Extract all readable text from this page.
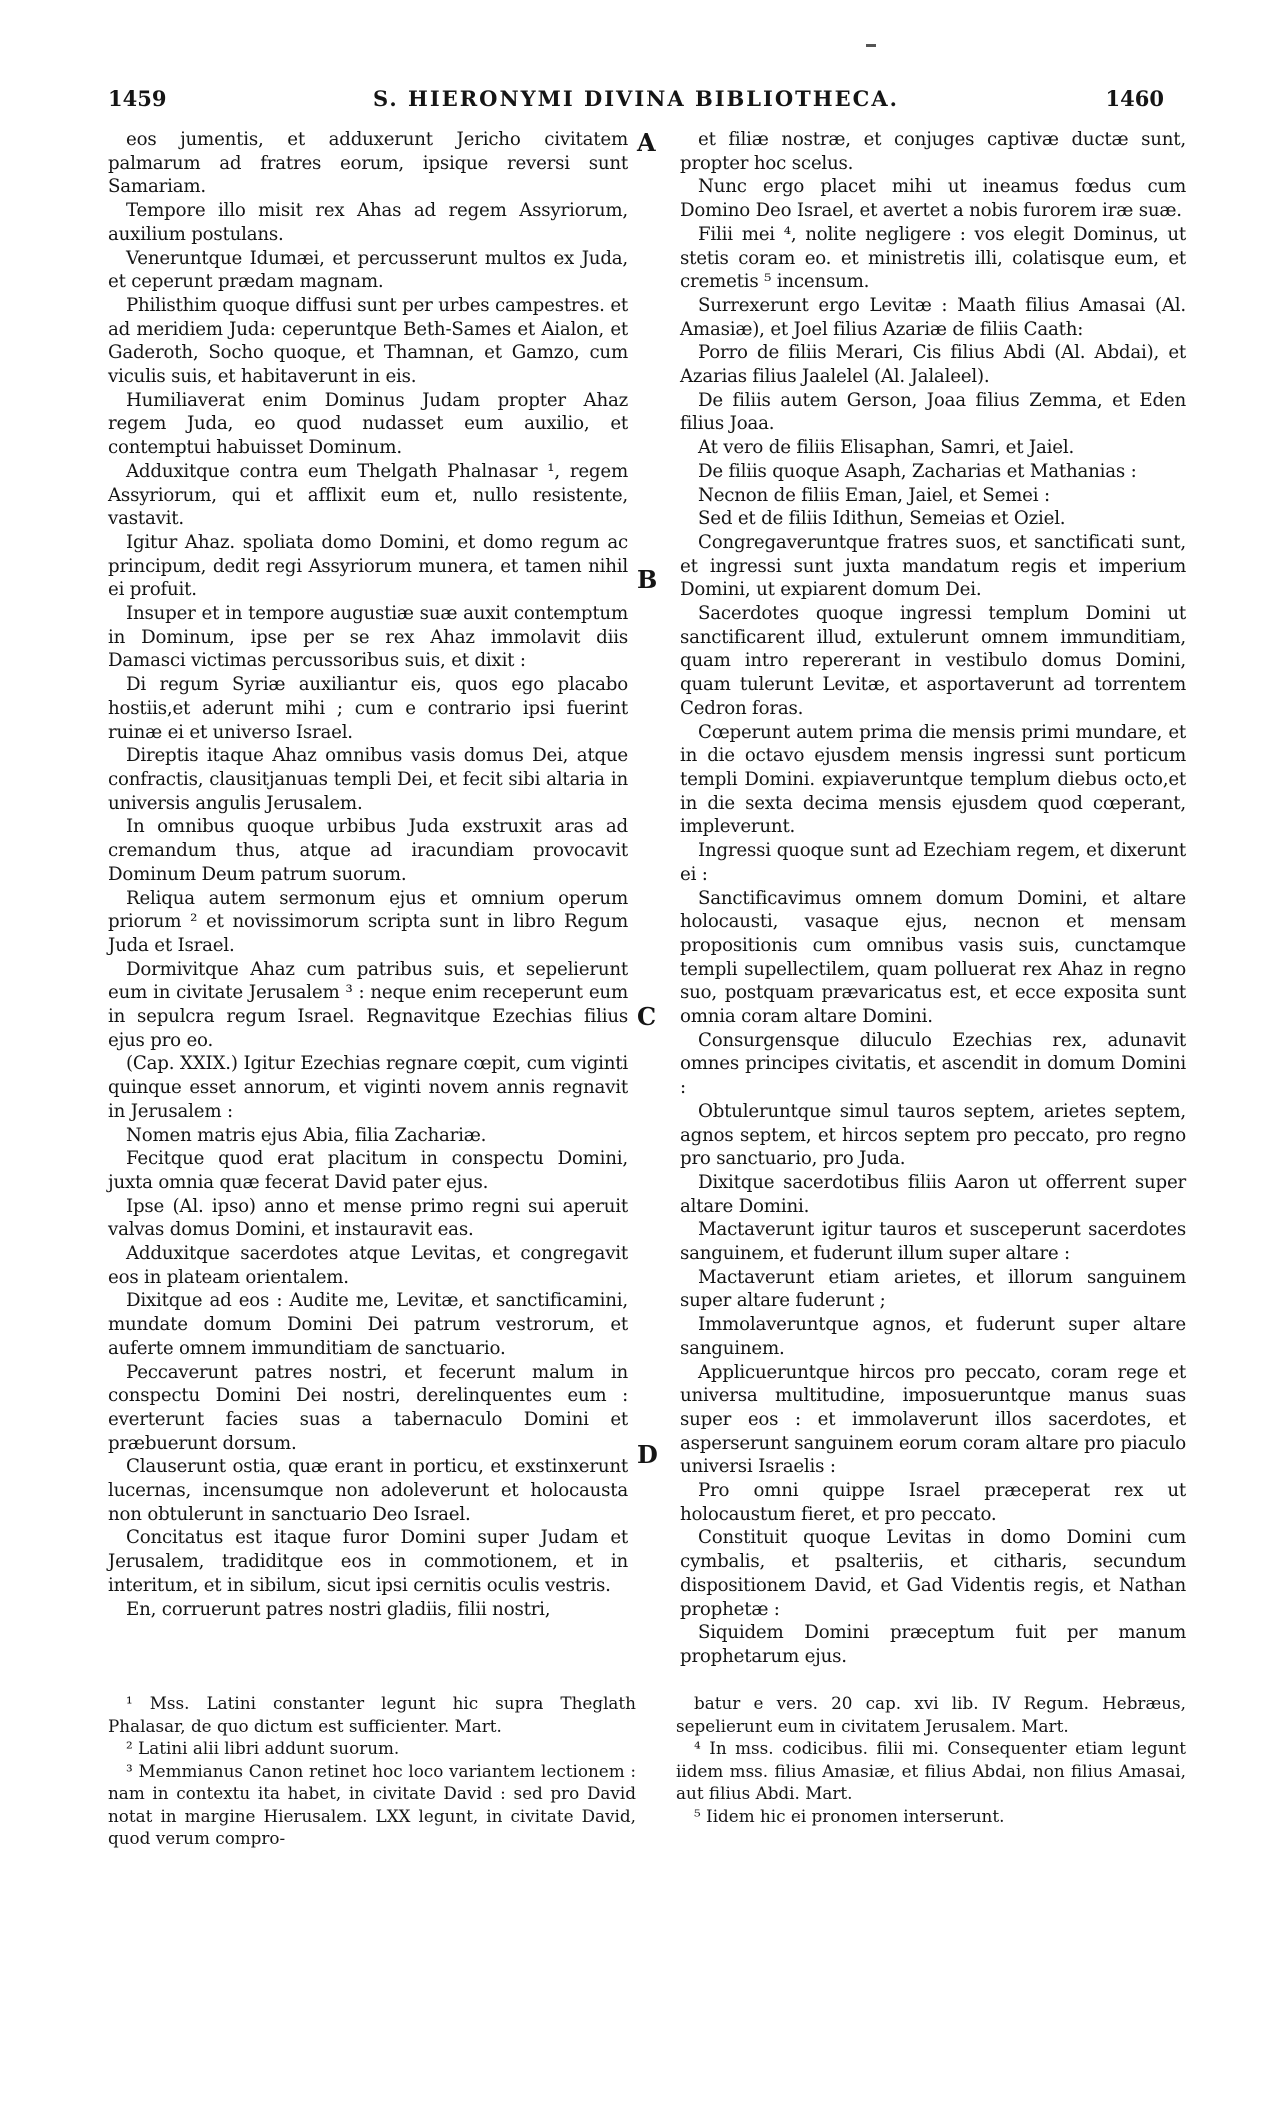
1459	S. HIERONYMI DIVINA BIBLIOTHECA.	1460

eos jumentis, et adduxerunt Jericho civitatem palmarum ad fratres eorum, ipsique reversi sunt Samariam.

Tempore illo misit rex Ahas ad regem Assyriorum, auxilium postulans.

Veneruntque Idumæi, et percusserunt multos ex Juda, et ceperunt prædam magnam.

Philisthim quoque diffusi sunt per urbes campestres. et ad meridiem Juda: ceperuntque Beth-Sames et Aialon, et Gaderoth, Socho quoque, et Thamnan, et Gamzo, cum viculis suis, et habitaverunt in eis.

Humiliaverat enim Dominus Judam propter Ahaz regem Juda, eo quod nudasset eum auxilio, et contemptui habuisset Dominum.

Adduxitque contra eum Thelgath Phalnasar ¹, regem Assyriorum, qui et afflixit eum et, nullo resistente, vastavit.

Igitur Ahaz. spoliata domo Domini, et domo regum ac principum, dedit regi Assyriorum munera, et tamen nihil ei profuit.

Insuper et in tempore augustiæ suæ auxit contemptum in Dominum, ipse per se rex Ahaz immolavit diis Damasci victimas percussoribus suis, et dixit :

Di regum Syriæ auxiliantur eis, quos ego placabo hostiis,et aderunt mihi ; cum e contrario ipsi fuerint ruinæ ei et universo Israel.

Direptis itaque Ahaz omnibus vasis domus Dei, atque confractis, clausitjanuas templi Dei, et fecit sibi altaria in universis angulis Jerusalem.

In omnibus quoque urbibus Juda exstruxit aras ad cremandum thus, atque ad iracundiam provocavit Dominum Deum patrum suorum.

Reliqua autem sermonum ejus et omnium operum priorum ² et novissimorum scripta sunt in libro Regum Juda et Israel.

Dormivitque Ahaz cum patribus suis, et sepelierunt eum in civitate Jerusalem ³ : neque enim receperunt eum in sepulcra regum Israel. Regnavitque Ezechias filius ejus pro eo.

(Cap. XXIX.) Igitur Ezechias regnare cœpit, cum viginti quinque esset annorum, et viginti novem annis regnavit in Jerusalem :

Nomen matris ejus Abia, filia Zachariæ.

Fecitque quod erat placitum in conspectu Domini, juxta omnia quæ fecerat David pater ejus.

Ipse (Al. ipso) anno et mense primo regni sui aperuit valvas domus Domini, et instauravit eas.

Adduxitque sacerdotes atque Levitas, et congregavit eos in plateam orientalem.

Dixitque ad eos : Audite me, Levitæ, et sanctificamini, mundate domum Domini Dei patrum vestrorum, et auferte omnem immunditiam de sanctuario.

Peccaverunt patres nostri, et fecerunt malum in conspectu Domini Dei nostri, derelinquentes eum : everterunt facies suas a tabernaculo Domini et præbuerunt dorsum.

Clauserunt ostia, quæ erant in porticu, et exstinxerunt lucernas, incensumque non adoleverunt et holocausta non obtulerunt in sanctuario Deo Israel.

Concitatus est itaque furor Domini super Judam et Jerusalem, tradiditque eos in commotionem, et in interitum, et in sibilum, sicut ipsi cernitis oculis vestris.

En, corruerunt patres nostri gladiis, filii nostri,

et filiæ nostræ, et conjuges captivæ ductæ sunt, propter hoc scelus.

Nunc ergo placet mihi ut ineamus fœdus cum Domino Deo Israel, et avertet a nobis furorem iræ suæ.

Filii mei ⁴, nolite negligere : vos elegit Dominus, ut stetis coram eo. et ministretis illi, colatisque eum, et cremetis ⁵ incensum.

Surrexerunt ergo Levitæ : Maath filius Amasai (Al. Amasiæ), et Joel filius Azariæ de filiis Caath:

Porro de filiis Merari, Cis filius Abdi (Al. Abdai), et Azarias filius Jaalelel (Al. Jalaleel).

De filiis autem Gerson, Joaa filius Zemma, et Eden filius Joaa.

At vero de filiis Elisaphan, Samri, et Jaiel.

De filiis quoque Asaph, Zacharias et Mathanias :

Necnon de filiis Eman, Jaiel, et Semei :

Sed et de filiis Idithun, Semeias et Oziel.

Congregaveruntque fratres suos, et sanctificati sunt, et ingressi sunt juxta mandatum regis et imperium Domini, ut expiarent domum Dei.

Sacerdotes quoque ingressi templum Domini ut sanctificarent illud, extulerunt omnem immunditiam, quam intro repererant in vestibulo domus Domini, quam tulerunt Levitæ, et asportaverunt ad torrentem Cedron foras.

Cœperunt autem prima die mensis primi mundare, et in die octavo ejusdem mensis ingressi sunt porticum templi Domini. expiaveruntque templum diebus octo,et in die sexta decima mensis ejusdem quod cœperant, impleverunt.

Ingressi quoque sunt ad Ezechiam regem, et dixerunt ei :

Sanctificavimus omnem domum Domini, et altare holocausti, vasaque ejus, necnon et mensam propositionis cum omnibus vasis suis, cunctamque templi supellectilem, quam polluerat rex Ahaz in regno suo, postquam prævaricatus est, et ecce exposita sunt omnia coram altare Domini.

Consurgensque diluculo Ezechias rex, adunavit omnes principes civitatis, et ascendit in domum Domini :

Obtuleruntque simul tauros septem, arietes septem, agnos septem, et hircos septem pro peccato, pro regno pro sanctuario, pro Juda.

Dixitque sacerdotibus filiis Aaron ut offerrent super altare Domini.

Mactaverunt igitur tauros et susceperunt sacerdotes sanguinem, et fuderunt illum super altare :

Mactaverunt etiam arietes, et illorum sanguinem super altare fuderunt ;

Immolaveruntque agnos, et fuderunt super altare sanguinem.

Applicueruntque hircos pro peccato, coram rege et universa multitudine, imposueruntque manus suas super eos : et immolaverunt illos sacerdotes, et asperserunt sanguinem eorum coram altare pro piaculo universi Israelis :

Pro omni quippe Israel præceperat rex ut holocaustum fieret, et pro peccato.

Constituit quoque Levitas in domo Domini cum cymbalis, et psalteriis, et citharis, secundum dispositionem David, et Gad Videntis regis, et Nathan prophetæ :

Siquidem Domini præceptum fuit per manum prophetarum ejus.

A
B
C
D

¹ Mss. Latini constanter legunt hic supra Theglath Phalasar, de quo dictum est sufficienter. Mart.

² Latini alii libri addunt suorum.

³ Memmianus Canon retinet hoc loco variantem lectionem : nam in contextu ita habet, in civitate David : sed pro David notat in margine Hierusalem. LXX legunt, in civitate David, quod verum compro-

batur e vers. 20 cap. xvi lib. IV Regum. Hebræus, sepelierunt eum in civitatem Jerusalem. Mart.

⁴ In mss. codicibus. filii mi. Consequenter etiam legunt iidem mss. filius Amasiæ, et filius Abdai, non filius Amasai, aut filius Abdi. Mart.

⁵ Iidem hic ei pronomen interserunt.
